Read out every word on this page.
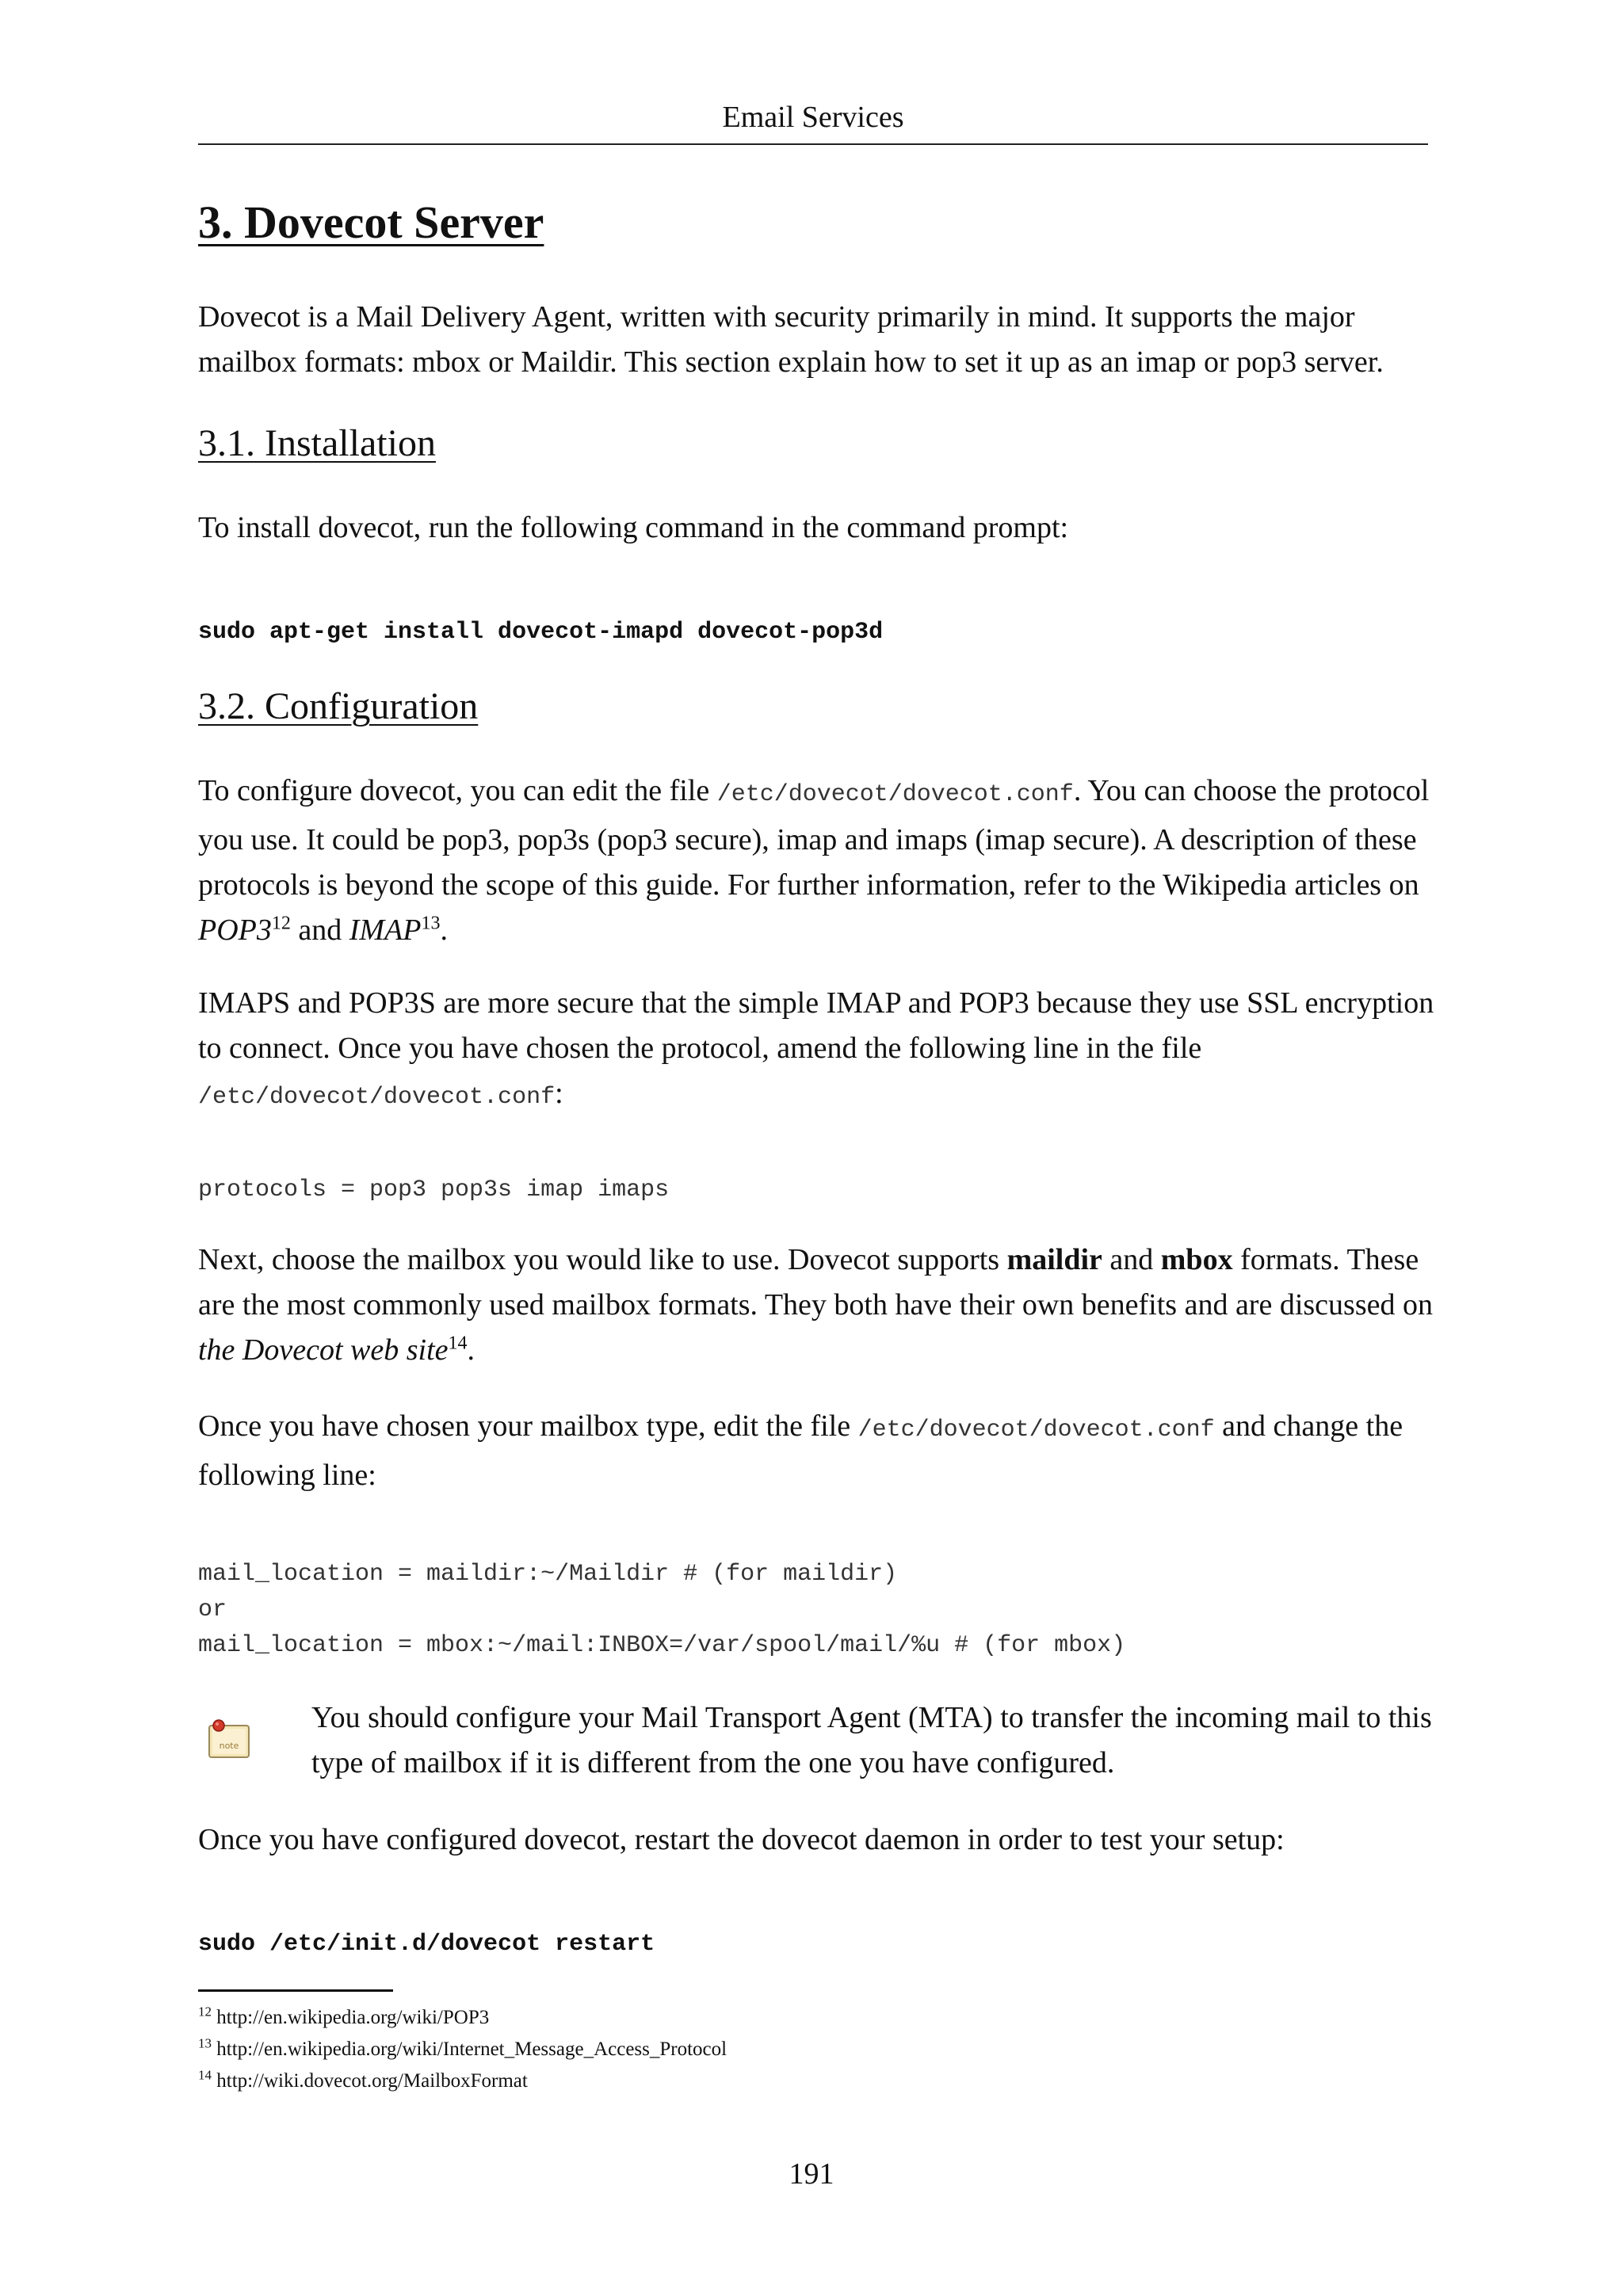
Email Services
3. Dovecot Server
Dovecot is a Mail Delivery Agent, written with security primarily in mind. It supports the major mailbox formats: mbox or Maildir. This section explain how to set it up as an imap or pop3 server.
3.1. Installation
To install dovecot, run the following command in the command prompt:
sudo apt-get install dovecot-imapd dovecot-pop3d
3.2. Configuration
To configure dovecot, you can edit the file /etc/dovecot/dovecot.conf. You can choose the protocol you use. It could be pop3, pop3s (pop3 secure), imap and imaps (imap secure). A description of these protocols is beyond the scope of this guide. For further information, refer to the Wikipedia articles on $POP3^{12}$ and IMAP$^{13}$.
IMAPS and POP3S are more secure that the simple IMAP and POP3 because they use SSL encryption to connect. Once you have chosen the protocol, amend the following line in the file /etc/dovecot/dovecot.conf:
protocols = pop3 pop3s imap imaps
Next, choose the mailbox you would like to use. Dovecot supports maildir and mbox formats. These are the most commonly used mailbox formats. They both have their own benefits and are discussed on the Dovecot web site$^{14}$.
Once you have chosen your mailbox type, edit the file /etc/dovecot/dovecot.conf and change the following line:
mail_location = maildir:~/Maildir # (for maildir)
or
mail_location = mbox:~/mail:INBOX=/var/spool/mail/%u # (for mbox)
note
You should configure your Mail Transport Agent (MTA) to transfer the incoming mail to this type of mailbox if it is different from the one you have configured.
Once you have configured dovecot, restart the dovecot daemon in order to test your setup:
sudo /etc/init.d/dovecot restart
$^{12}$ http://en.wikipedia.org/wiki/POP3
$^{13}$ http://en.wikipedia.org/wiki/Internet_Message_Access_Protocol
$^{14}$ http://wiki.dovecot.org/MailboxFormat
191
